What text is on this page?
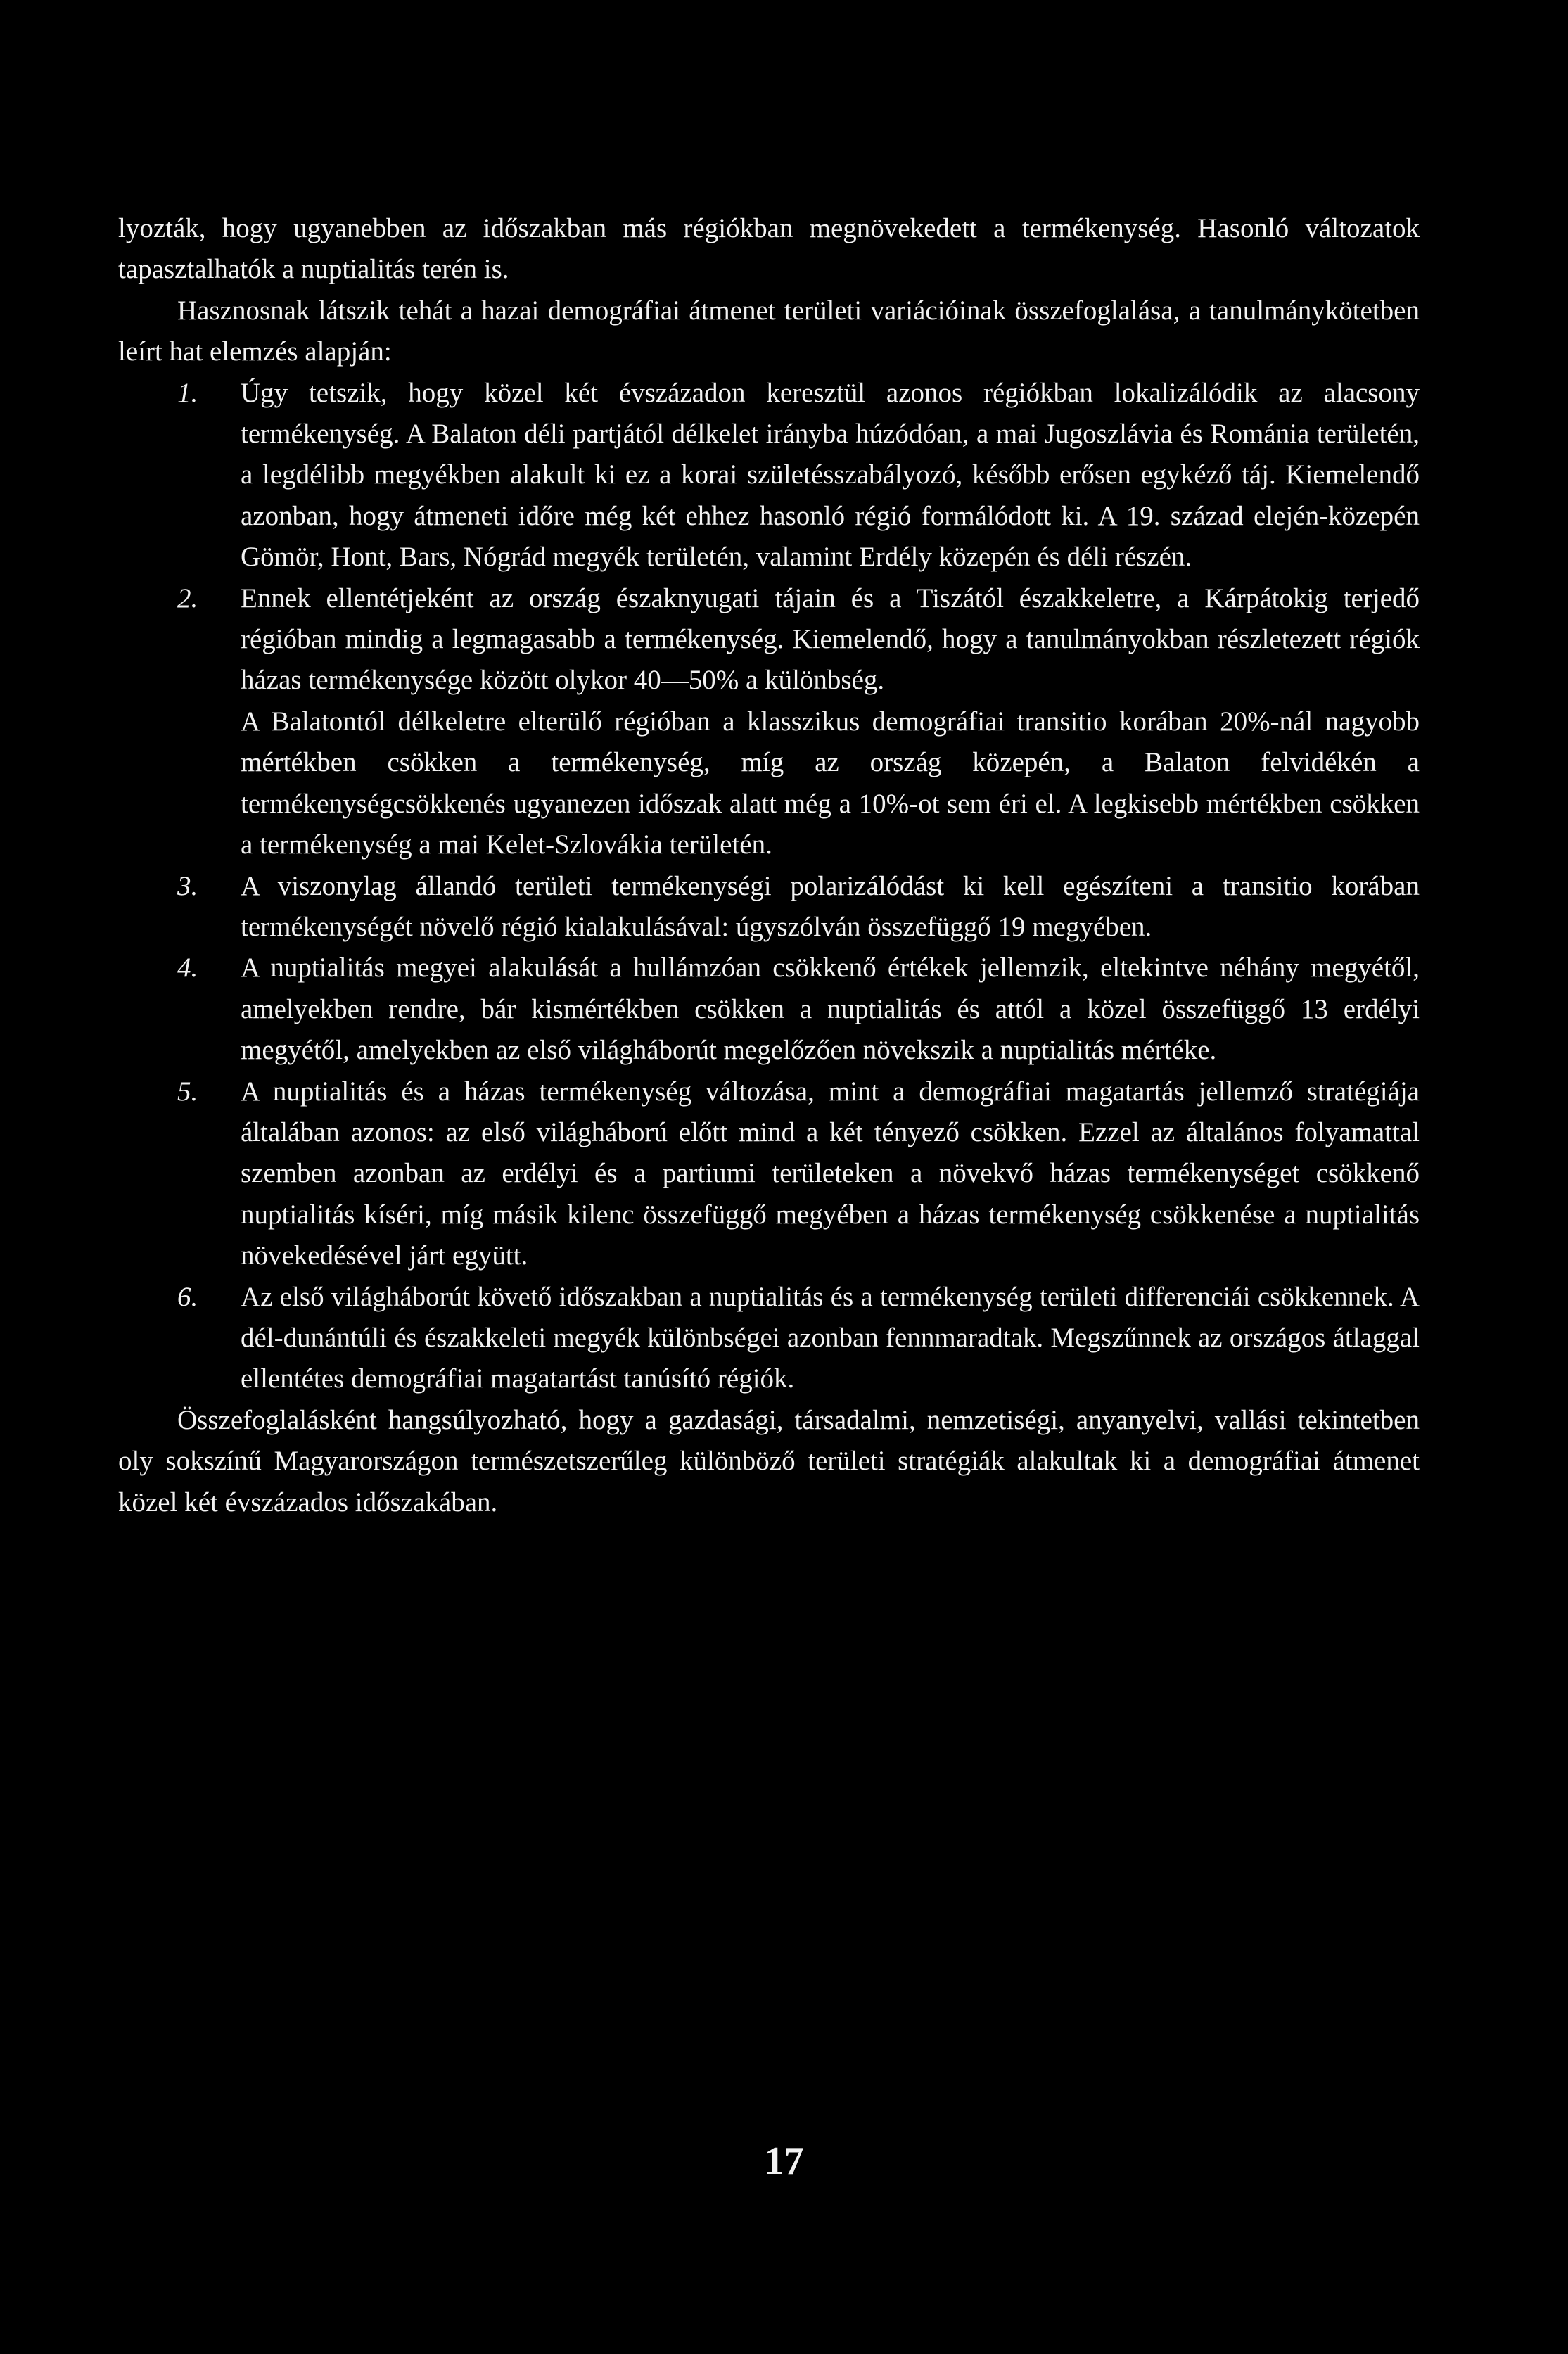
lyozták, hogy ugyanebben az időszakban más régiókban megnövekedett a termékenység. Hasonló változatok tapasztalhatók a nuptialitás terén is.

Hasznosnak látszik tehát a hazai demográfiai átmenet területi variációinak összefoglalása, a tanulmánykötetben leírt hat elemzés alapján:

1. Úgy tetszik, hogy közel két évszázadon keresztül azonos régiókban lokalizálódik az alacsony termékenység. A Balaton déli partjától délkelet irányba húzódóan, a mai Jugoszlávia és Románia területén, a legdélibb megyékben alakult ki ez a korai születésszabályozó, később erősen egykéző táj. Kiemelendő azonban, hogy átmeneti időre még két ehhez hasonló régió formálódott ki. A 19. század elején-közepén Gömör, Hont, Bars, Nógrád megyék területén, valamint Erdély közepén és déli részén.

2. Ennek ellentétjeként az ország északnyugati tájain és a Tiszától északkeletre, a Kárpátokig terjedő régióban mindig a legmagasabb a termékenység. Kiemelendő, hogy a tanulmányokban részletezett régiók házas termékenysége között olykor 40—50% a különbség.

A Balatontól délkeletre elterülő régióban a klasszikus demográfiai transitio korában 20%-nál nagyobb mértékben csökken a termékenység, míg az ország közepén, a Balaton felvidékén a termékenységcsökkenés ugyanezen időszak alatt még a 10%-ot sem éri el. A legkisebb mértékben csökken a termékenység a mai Kelet-Szlovákia területén.

3. A viszonylag állandó területi termékenységi polarizálódást ki kell egészíteni a transitio korában termékenységét növelő régió kialakulásával: úgyszólván összefüggő 19 megyében.

4. A nuptialitás megyei alakulását a hullámzóan csökkenő értékek jellemzik, eltekintve néhány megyétől, amelyekben rendre, bár kismértékben csökken a nuptialitás és attól a közel összefüggő 13 erdélyi megyétől, amelyekben az első világháborút megelőzően növekszik a nuptialitás mértéke.

5. A nuptialitás és a házas termékenység változása, mint a demográfiai magatartás jellemző stratégiája általában azonos: az első világháború előtt mind a két tényező csökken. Ezzel az általános folyamattal szemben azonban az erdélyi és a partiumi területeken a növekvő házas termékenységet csökkenő nuptialitás kíséri, míg másik kilenc összefüggő megyében a házas termékenység csökkenése a nuptialitás növekedésével járt együtt.

6. Az első világháborút követő időszakban a nuptialitás és a termékenység területi differenciái csökkennek. A dél-dunántúli és északkeleti megyék különbségei azonban fennmaradtak. Megszűnnek az országos átlaggal ellentétes demográfiai magatartást tanúsító régiók.

Összefoglalásként hangsúlyozható, hogy a gazdasági, társadalmi, nemzetiségi, anyanyelvi, vallási tekintetben oly sokszínű Magyarországon természetszerűleg különböző területi stratégiák alakultak ki a demográfiai átmenet közel két évszázados időszakában.

17
